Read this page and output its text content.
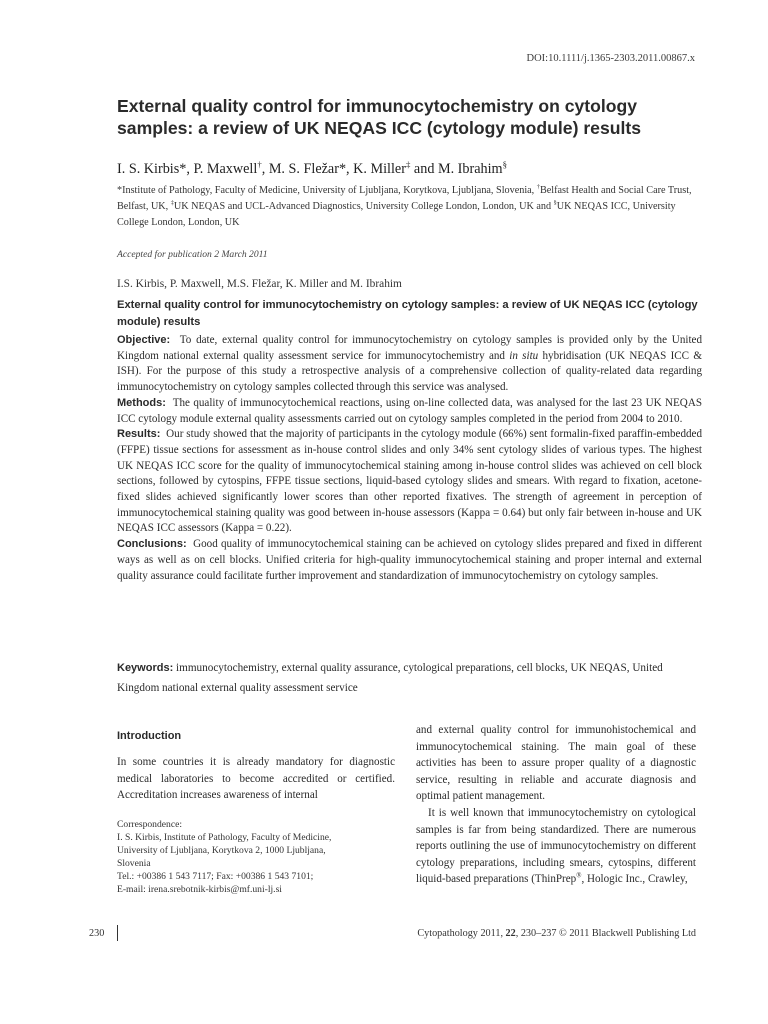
DOI:10.1111/j.1365-2303.2011.00867.x
External quality control for immunocytochemistry on cytology samples: a review of UK NEQAS ICC (cytology module) results
I. S. Kirbis*, P. Maxwell†, M. S. Fležar*, K. Miller‡ and M. Ibrahim§
*Institute of Pathology, Faculty of Medicine, University of Ljubljana, Korytkova, Ljubljana, Slovenia, †Belfast Health and Social Care Trust, Belfast, UK, ‡UK NEQAS and UCL-Advanced Diagnostics, University College London, London, UK and §UK NEQAS ICC, University College London, London, UK
Accepted for publication 2 March 2011
I.S. Kirbis, P. Maxwell, M.S. Fležar, K. Miller and M. Ibrahim
External quality control for immunocytochemistry on cytology samples: a review of UK NEQAS ICC (cytology module) results

Objective: To date, external quality control for immunocytochemistry on cytology samples is provided only by the United Kingdom national external quality assessment service for immunocytochemistry and in situ hybridisation (UK NEQAS ICC & ISH). For the purpose of this study a retrospective analysis of a comprehensive collection of quality-related data regarding immunocytochemistry on cytology samples collected through this service was analysed.

Methods: The quality of immunocytochemical reactions, using on-line collected data, was analysed for the last 23 UK NEQAS ICC cytology module external quality assessments carried out on cytology samples completed in the period from 2004 to 2010.

Results: Our study showed that the majority of participants in the cytology module (66%) sent formalin-fixed paraffin-embedded (FFPE) tissue sections for assessment as in-house control slides and only 34% sent cytology slides of various types. The highest UK NEQAS ICC score for the quality of immunocytochemical staining among in-house control slides was achieved on cell block sections, followed by cytospins, FFPE tissue sections, liquid-based cytology slides and smears. With regard to fixation, acetone-fixed slides achieved significantly lower scores than other reported fixatives. The strength of agreement in perception of immunocytochemical staining quality was good between in-house assessors (Kappa = 0.64) but only fair between in-house and UK NEQAS ICC assessors (Kappa = 0.22).

Conclusions: Good quality of immunocytochemical staining can be achieved on cytology slides prepared and fixed in different ways as well as on cell blocks. Unified criteria for high-quality immunocytochemical staining and proper internal and external quality assurance could facilitate further improvement and standardization of immunocytochemistry on cytology samples.

Keywords: immunocytochemistry, external quality assurance, cytological preparations, cell blocks, UK NEQAS, United Kingdom national external quality assessment service
Introduction

In some countries it is already mandatory for diagnostic medical laboratories to become accredited or certified. Accreditation increases awareness of internal

Correspondence:
I. S. Kirbis, Institute of Pathology, Faculty of Medicine,
University of Ljubljana, Korytkova 2, 1000 Ljubljana,
Slovenia
Tel.: +00386 1 543 7117; Fax: +00386 1 543 7101;
E-mail: irena.srebotnik-kirbis@mf.uni-lj.si

and external quality control for immunohistochemical and immunocytochemical staining. The main goal of these activities has been to assure proper quality of a diagnostic service, resulting in reliable and accurate diagnosis and optimal patient management.

It is well known that immunocytochemistry on cytological samples is far from being standardized. There are numerous reports outlining the use of immunocytochemistry on different cytology preparations, including smears, cytospins, different liquid-based preparations (ThinPrep®, Hologic Inc., Crawley,

230	Cytopathology 2011, 22, 230–237 © 2011 Blackwell Publishing Ltd
